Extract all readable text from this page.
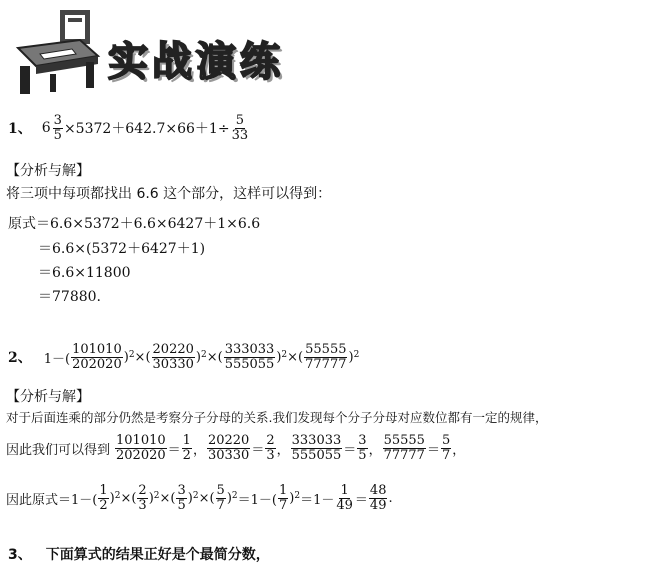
实战演练
1、 $6 \frac{3}{5} \times 5372+642.7\times 66+1\div \frac{5}{33}$
【分析与解】
将三项中每项都找出 6.6 这个部分，这样可以得到：
原式＝6.6×5372＋6.6×6427＋1×6.6
＝6.6×(5372＋6427＋1)
＝6.6×11800
＝77880.
2、 $1-( \frac{101010}{202020} )^2$ × ( $\frac{20220}{30330} )^2$ × ( $\frac{333033}{555055} )^2$ × ( $\frac{55555}{77777} )^2$
【分析与解】
对于后面连乘的部分仍然是考察分子分母的关系.我们发现每个分子分母对应数位都有一定的规律，
因此我们可以得到 $\frac{101010}{202020} = \frac{1}{2}$ ， $\frac{20220}{30330} = \frac{2}{3}$ ， $\frac{333033}{555055} = \frac{3}{5}$ ， $\frac{55555}{77777} = \frac{5}{7}$ ，
因此原式 $=1-( \frac{1}{2} )^2$ ×( $\frac{2}{3} )^2$ ×( $\frac{3}{5} )^2$ ×( $\frac{5}{7} )^2 =1-( \frac{1}{7} )^2 =1- \frac{1}{49} = \frac{48}{49}$ .
3、 下面算式的结果正好是个最简分数，
